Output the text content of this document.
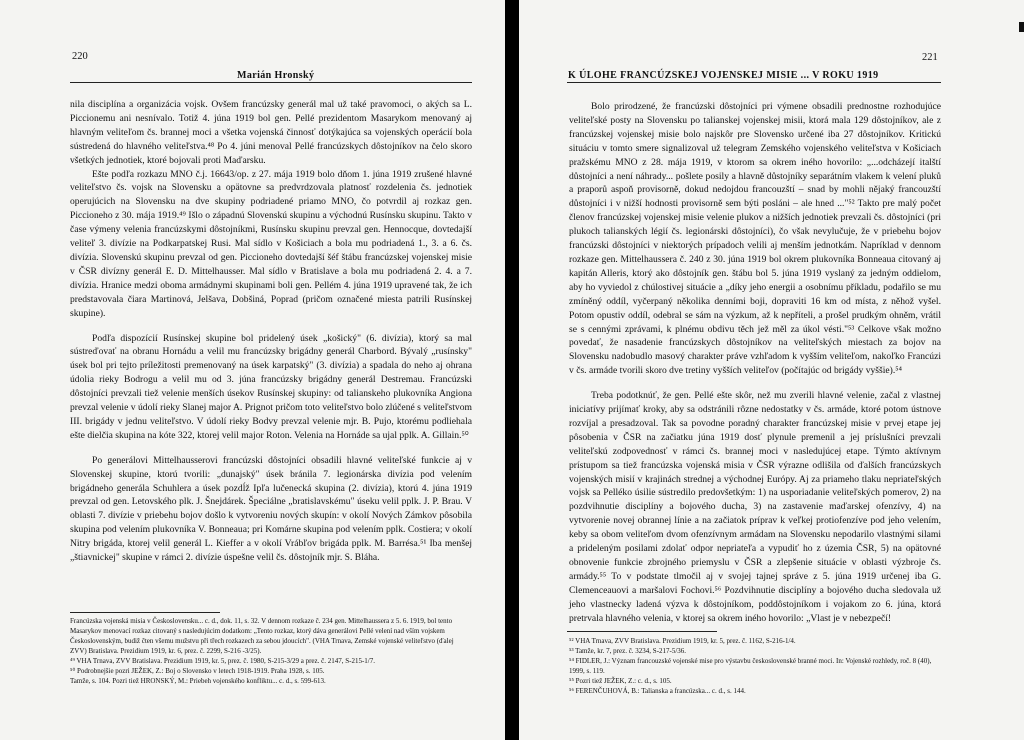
220
Marián Hronský

nila disciplína a organizácia vojsk. Ovšem francúzsky generál mal už také pravomoci, o akých sa L. Piccionemu ani nesnívalo. Totiž 4. júna 1919 bol gen. Pellé prezidentom Masarykom menovaný aj hlavným veliteľom čs. brannej moci a všetka vojenská činnosť dotýkajúca sa vojenských operácií bola sústredená do hlavného veliteľstva.⁴⁸ Po 4. júni menoval Pellé francúzskych dôstojníkov na čelo skoro všetkých jednotiek, ktoré bojovali proti Maďarsku.

Ešte podľa rozkazu MNO č.j. 16643/op. z 27. mája 1919 bolo dňom 1. júna 1919 zrušené hlavné veliteľstvo čs. vojsk na Slovensku a opätovne sa predvrdzovala platnosť rozdelenia čs. jednotiek operujúcich na Slovensku na dve skupiny podriadené priamo MNO, čo potvrdil aj rozkaz gen. Piccioneho z 30. mája 1919.⁴⁹ Išlo o západnú Slovenskú skupinu a východnú Rusínsku skupinu. Takto v čase výmeny velenia francúzskymi dôstojníkmi, Rusínsku skupinu prevzal gen. Hennocque, dovtedajší veliteľ 3. divízie na Podkarpatskej Rusi. Mal sídlo v Košiciach a bola mu podriadená 1., 3. a 6. čs. divízia. Slovenskú skupinu prevzal od gen. Piccioneho dovtedajší šéf štábu francúzskej vojenskej misie v ČSR divízny generál E. D. Mittelhausser. Mal sídlo v Bratislave a bola mu podriadená 2. 4. a 7. divízia. Hranice medzi oboma armádnymi skupinami boli gen. Pellém 4. júna 1919 upravené tak, že ich predstavovala čiara Martinová, Jelšava, Dobšiná, Poprad (pričom označené miesta patrili Rusínskej skupine).

Podľa dispozícií Rusínskej skupine bol pridelený úsek „košický" (6. divízia), ktorý sa mal sústreďovať na obranu Hornádu a velil mu francúzsky brigádny generál Charbord. Bývalý „rusínsky" úsek bol pri tejto príležitosti premenovaný na úsek karpatský" (3. divízia) a spadala do neho aj ohrana údolia rieky Bodrogu a velil mu od 3. júna francúzsky brigádny generál Destremau. Francúzski dôstojníci prevzali tiež velenie menších úsekov Rusínskej skupiny: od talianskeho plukovníka Angiona prevzal velenie v údolí rieky Slanej major A. Prignot pričom toto veliteľstvo bolo zlúčené s veliteľstvom III. brigády v jednu veliteľstvo. V údolí rieky Bodvy prevzal velenie mjr. B. Pujo, ktorému podliehala ešte dielčia skupina na kóte 322, ktorej velil major Roton. Velenia na Hornáde sa ujal pplk. A. Gillain.⁵⁰

Po generálovi Mittelhausserovi francúzski dôstojníci obsadili hlavné veliteľské funkcie aj v Slovenskej skupine, ktorú tvorili: „dunajský" úsek bránila 7. legionárska divízia pod velením brigádneho generála Schuhlera a úsek pozdĺž Ipľa lučenecká skupina (2. divízia), ktorú 4. júna 1919 prevzal od gen. Letovského plk. J. Šnejdárek. Špeciálne „bratislavskému" úseku velil pplk. J. P. Brau. V oblasti 7. divízie v priebehu bojov došlo k vytvoreniu nových skupín: v okolí Nových Zámkov pôsobila skupina pod velením plukovníka V. Bonneaua; pri Komárne skupina pod velením pplk. Costiera; v okolí Nitry brigáda, ktorej velil generál L. Kieffer a v okolí Vrábľov brigáda pplk. M. Barrésa.⁵¹ Iba menšej „štiavnickej" skupine v rámci 2. divízie úspešne velil čs. dôstojník mjr. S. Bláha.

Francúzska vojenská misia v Československu... c. d., dok. 11, s. 32. V dennom rozkaze č. 234 gen. Mittelhaussera z 5. 6. 1919, bol tento Masarykov menovací rozkaz citovaný s nasledujúcim dodatkom: „Tento rozkaz, ktorý dáva generálovi Pellé velení nad vším vojskem Československým, budiž čten všemu mužstvu při třech rozkazech za sebou jdoucích". (VHA Trnava, Zemské vojenské veliteľstvo (ďalej ZVV) Bratislava. Prezidium 1919, kr. 6, prez. č. 2299, S-216 -3/25).

⁴⁹ VHA Trnava, ZVV Bratislava. Prezidium 1919, kr. 5, prez. č. 1980, S-215-3/29 a prez. č. 2147, S-215-1/7.

⁵⁰ Podrobnejšie pozri JEŽEK, Z.: Boj o Slovensko v letech 1918-1919. Praha 1928, s. 105.

Tamže, s. 104. Pozri tiež HRONSKÝ, M.: Priebeh vojenského konfliktu... c. d., s. 599-613.

221
K ÚLOHE FRANCÚZSKEJ VOJENSKEJ MISIE ... V ROKU 1919

Bolo prirodzené, že francúzski dôstojníci pri výmene obsadili prednostne rozhodujúce veliteľské posty na Slovensku po talianskej vojenskej misii, ktorá mala 129 dôstojníkov, ale z francúzskej vojenskej misie bolo najskôr pre Slovensko určené iba 27 dôstojníkov. Kritickú situáciu v tomto smere signalizoval už telegram Zemského vojenského veliteľstva v Košiciach pražskému MNO z 28. mája 1919, v ktorom sa okrem iného hovorilo: „...odcházejí italští důstojníci a není náhrady... pošlete posily a hlavně důstojníky separátním vlakem k velení pluků a praporů aspoň provisorně, dokud nedojdou francouzští – snad by mohli nějaký francouzští důstojníci i v nižší hodnosti provisorně sem býti posláni – ale hned ..."⁵² Takto pre malý počet členov francúzskej vojenskej misie velenie plukov a nižších jednotiek prevzali čs. dôstojníci (pri plukoch talianských légií čs. legionárski dôstojníci), čo však nevylučuje, že v priebehu bojov francúzski dôstojníci v niektorých prípadoch velili aj menším jednotkám. Napríklad v dennom rozkaze gen. Mittelhaussera č. 240 z 30. júna 1919 bol okrem plukovníka Bonneaua citovaný aj kapitán Alleris, ktorý ako dôstojník gen. štábu bol 5. júna 1919 vyslaný za jedným oddielom, aby ho vyviedol z chúlostivej situácie a „díky jeho energii a osobnímu příkladu, podařilo se mu zmíněný oddíl, vyčerpaný několika denními boji, dopraviti 16 km od místa, z něhož vyšel. Potom opustiv oddíl, odebral se sám na výzkum, až k nepříteli, a prošel prudkým ohněm, vrátil se s cennými zprávami, k plnému obdivu těch jež měl za úkol vésti."⁵³ Celkove však možno povedať, že nasadenie francúzskych dôstojníkov na veliteľských miestach za bojov na Slovensku nadobudlo masový charakter práve vzhľadom k vyšším veliteľom, nakoľko Francúzi v čs. armáde tvorili skoro dve tretiny vyšších veliteľov (počítajúc od brigády vyššie).⁵⁴

Treba podotknúť, že gen. Pellé ešte skôr, než mu zverili hlavné velenie, začal z vlastnej iniciatívy prijímať kroky, aby sa odstránili rôzne nedostatky v čs. armáde, ktoré potom ústnove rozvíjal a presadzoval. Tak sa povodne poradný charakter francúzskej misie v prvej etape jej pôsobenia v ČSR na začiatku júna 1919 dosť plynule premenil a jej príslušníci prevzali veliteľskú zodpovednosť v rámci čs. brannej moci v nasledujúcej etape. Týmto aktívnym prístupom sa tiež francúzska vojenská misia v ČSR výrazne odlišila od ďalších francúzskych vojenských misií v krajinách strednej a východnej Európy. Aj za priameho tlaku nepriateľských vojsk sa Pelléko úsilie sústredilo predovšetkým: 1) na usporiadanie veliteľských pomerov, 2) na pozdvihnutie disciplíny a bojového ducha, 3) na zastavenie maďarskej ofenzívy, 4) na vytvorenie novej obrannej línie a na začiatok príprav k veľkej protiofenzíve pod jeho velením, keby sa obom veliteľom dvom ofenzívnym armádam na Slovensku nepodarilo vlastnými silami a prideleným posilami zdolať odpor nepriateľa a vypudiť ho z územia ČSR, 5) na opätovné obnovenie funkcie zbrojného priemyslu v ČSR a zlepšenie situácie v oblasti výzbroje čs. armády.⁵⁵ To v podstate tlmočil aj v svojej tajnej správe z 5. júna 1919 určenej iba G. Clemenceauovi a maršalovi Fochovi.⁵⁶ Pozdvihnutie disciplíny a bojového ducha sledovala už jeho vlastnecky ladená výzva k dôstojníkom, poddôstojníkom i vojakom zo 6. júna, ktorá pretrvala hlavného velenia, v ktorej sa okrem iného hovorilo: „Vlast je v nebezpečí!

⁵² VHA Trnava, ZVV Bratislava. Prezidium 1919, kr. 5, prez. č. 1162, S-216-1/4.

⁵³ Tamže, kr. 7, prez. č. 3234, S-217-5/36.

⁵⁴ FIDLER, J.: Význam francouzské vojenské mise pro výstavbu československé branné moci. In: Vojenské rozhledy, roč. 8 (40), 1999, s. 119.

⁵⁵ Pozri tiež JEŽEK, Z.: c. d., s. 105.

⁵⁶ FERENČUHOVÁ, B.: Talianska a francúzska... c. d., s. 144.
